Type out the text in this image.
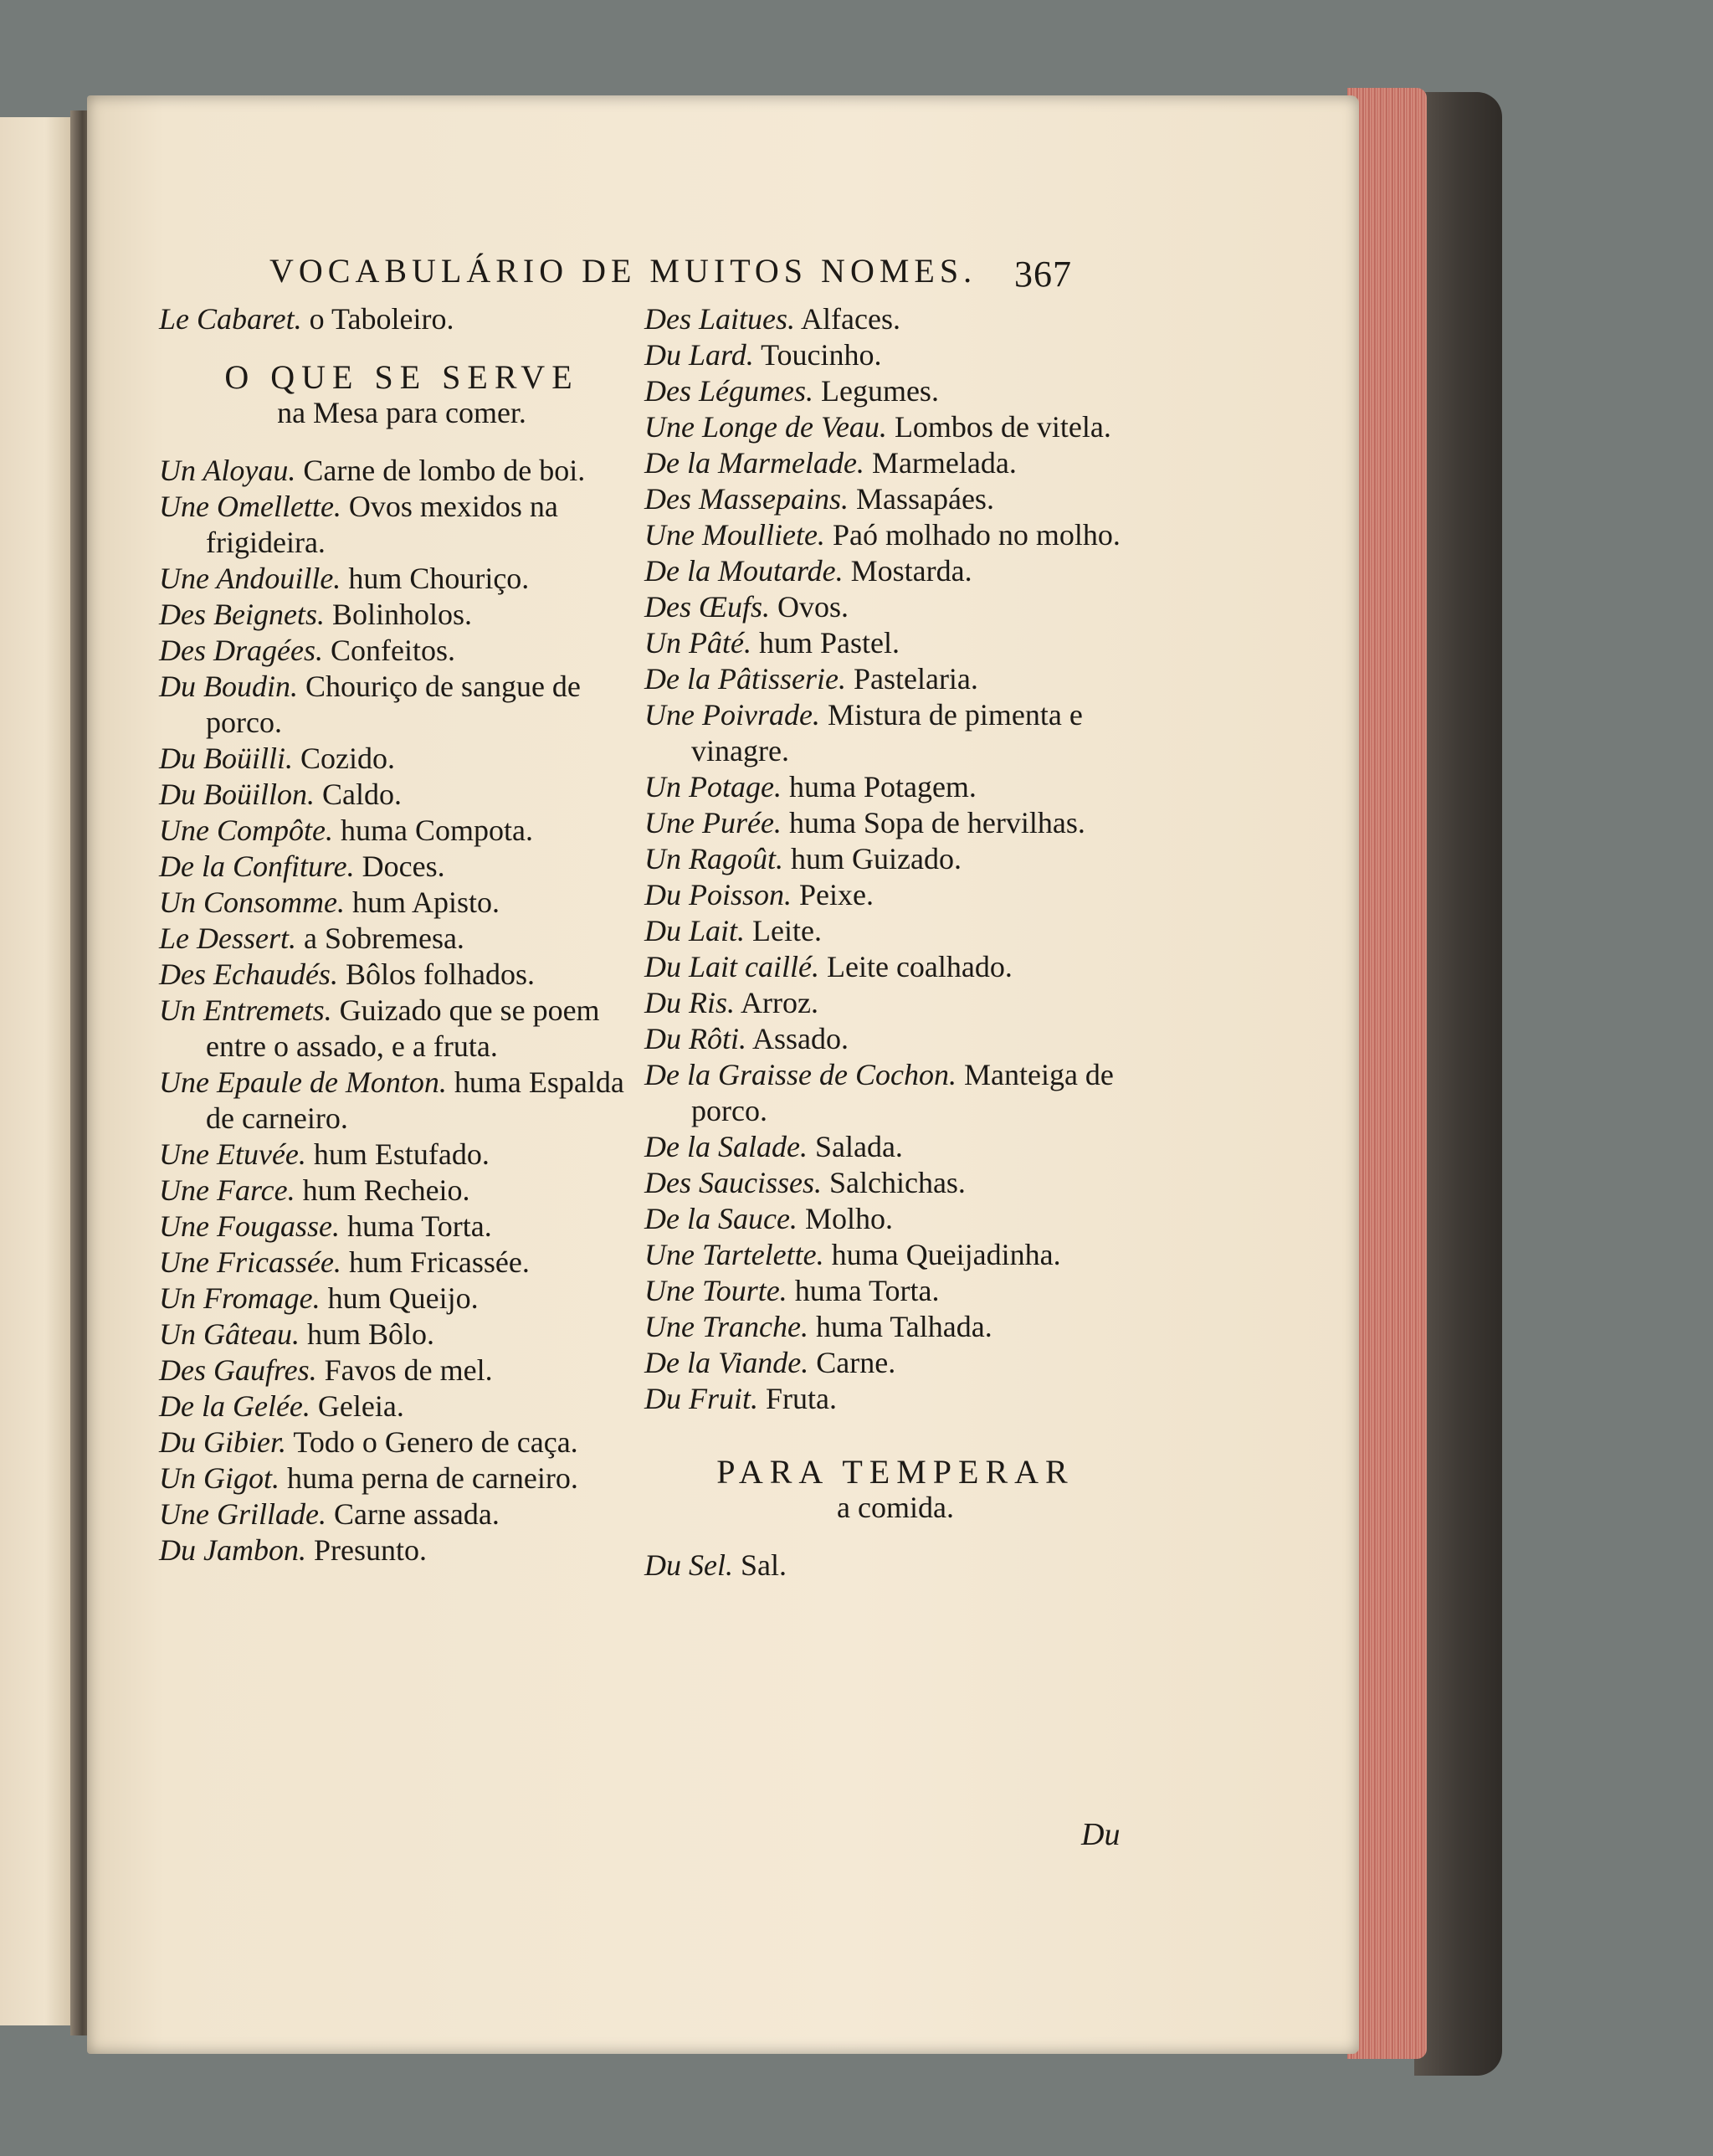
VOCABULÁRIO DE MUITOS NOMES.	367
Le Cabaret. o Taboleiro.
O QUE SE SERVE
na Mesa para comer.
Un Aloyau. Carne de lombo de boi.
Une Omellette. Ovos mexidos na frigideira.
Une Andouille. hum Chouriço.
Des Beignets. Bolinholos.
Des Dragées. Confeitos.
Du Boudin. Chouriço de sangue de porco.
Du Boüilli. Cozido.
Du Boüillon. Caldo.
Une Compôte. huma Compota.
De la Confiture. Doces.
Un Consomme. hum Apisto.
Le Dessert. a Sobremesa.
Des Echaudés. Bôlos folhados.
Un Entremets. Guizado que se poem entre o assado, e a fruta.
Une Epaule de Monton. huma Espalda de carneiro.
Une Etuvée. hum Estufado.
Une Farce. hum Recheio.
Une Fougasse. huma Torta.
Une Fricassée. hum Fricassée.
Un Fromage. hum Queijo.
Un Gâteau. hum Bôlo.
Des Gaufres. Favos de mel.
De la Gelée. Geleia.
Du Gibier. Todo o Genero de caça.
Un Gigot. huma perna de carneiro.
Une Grillade. Carne assada.
Du Jambon. Presunto.
Des Laitues. Alfaces.
Du Lard. Toucinho.
Des Légumes. Legumes.
Une Longe de Veau. Lombos de vitela.
De la Marmelade. Marmelada.
Des Massepains. Massapáes.
Une Moulliete. Paó molhado no molho.
De la Moutarde. Mostarda.
Des Œufs. Ovos.
Un Pâté. hum Pastel.
De la Pâtisserie. Pastelaria.
Une Poivrade. Mistura de pimenta e vinagre.
Un Potage. huma Potagem.
Une Purée. huma Sopa de hervilhas.
Un Ragoût. hum Guizado.
Du Poisson. Peixe.
Du Lait. Leite.
Du Lait caillé. Leite coalhado.
Du Ris. Arroz.
Du Rôti. Assado.
De la Graisse de Cochon. Manteiga de porco.
De la Salade. Salada.
Des Saucisses. Salchichas.
De la Sauce. Molho.
Une Tartelette. huma Queijadinha.
Une Tourte. huma Torta.
Une Tranche. huma Talhada.
De la Viande. Carne.
Du Fruit. Fruta.
PARA TEMPERAR
a comida.
Du Sel. Sal.
Du
